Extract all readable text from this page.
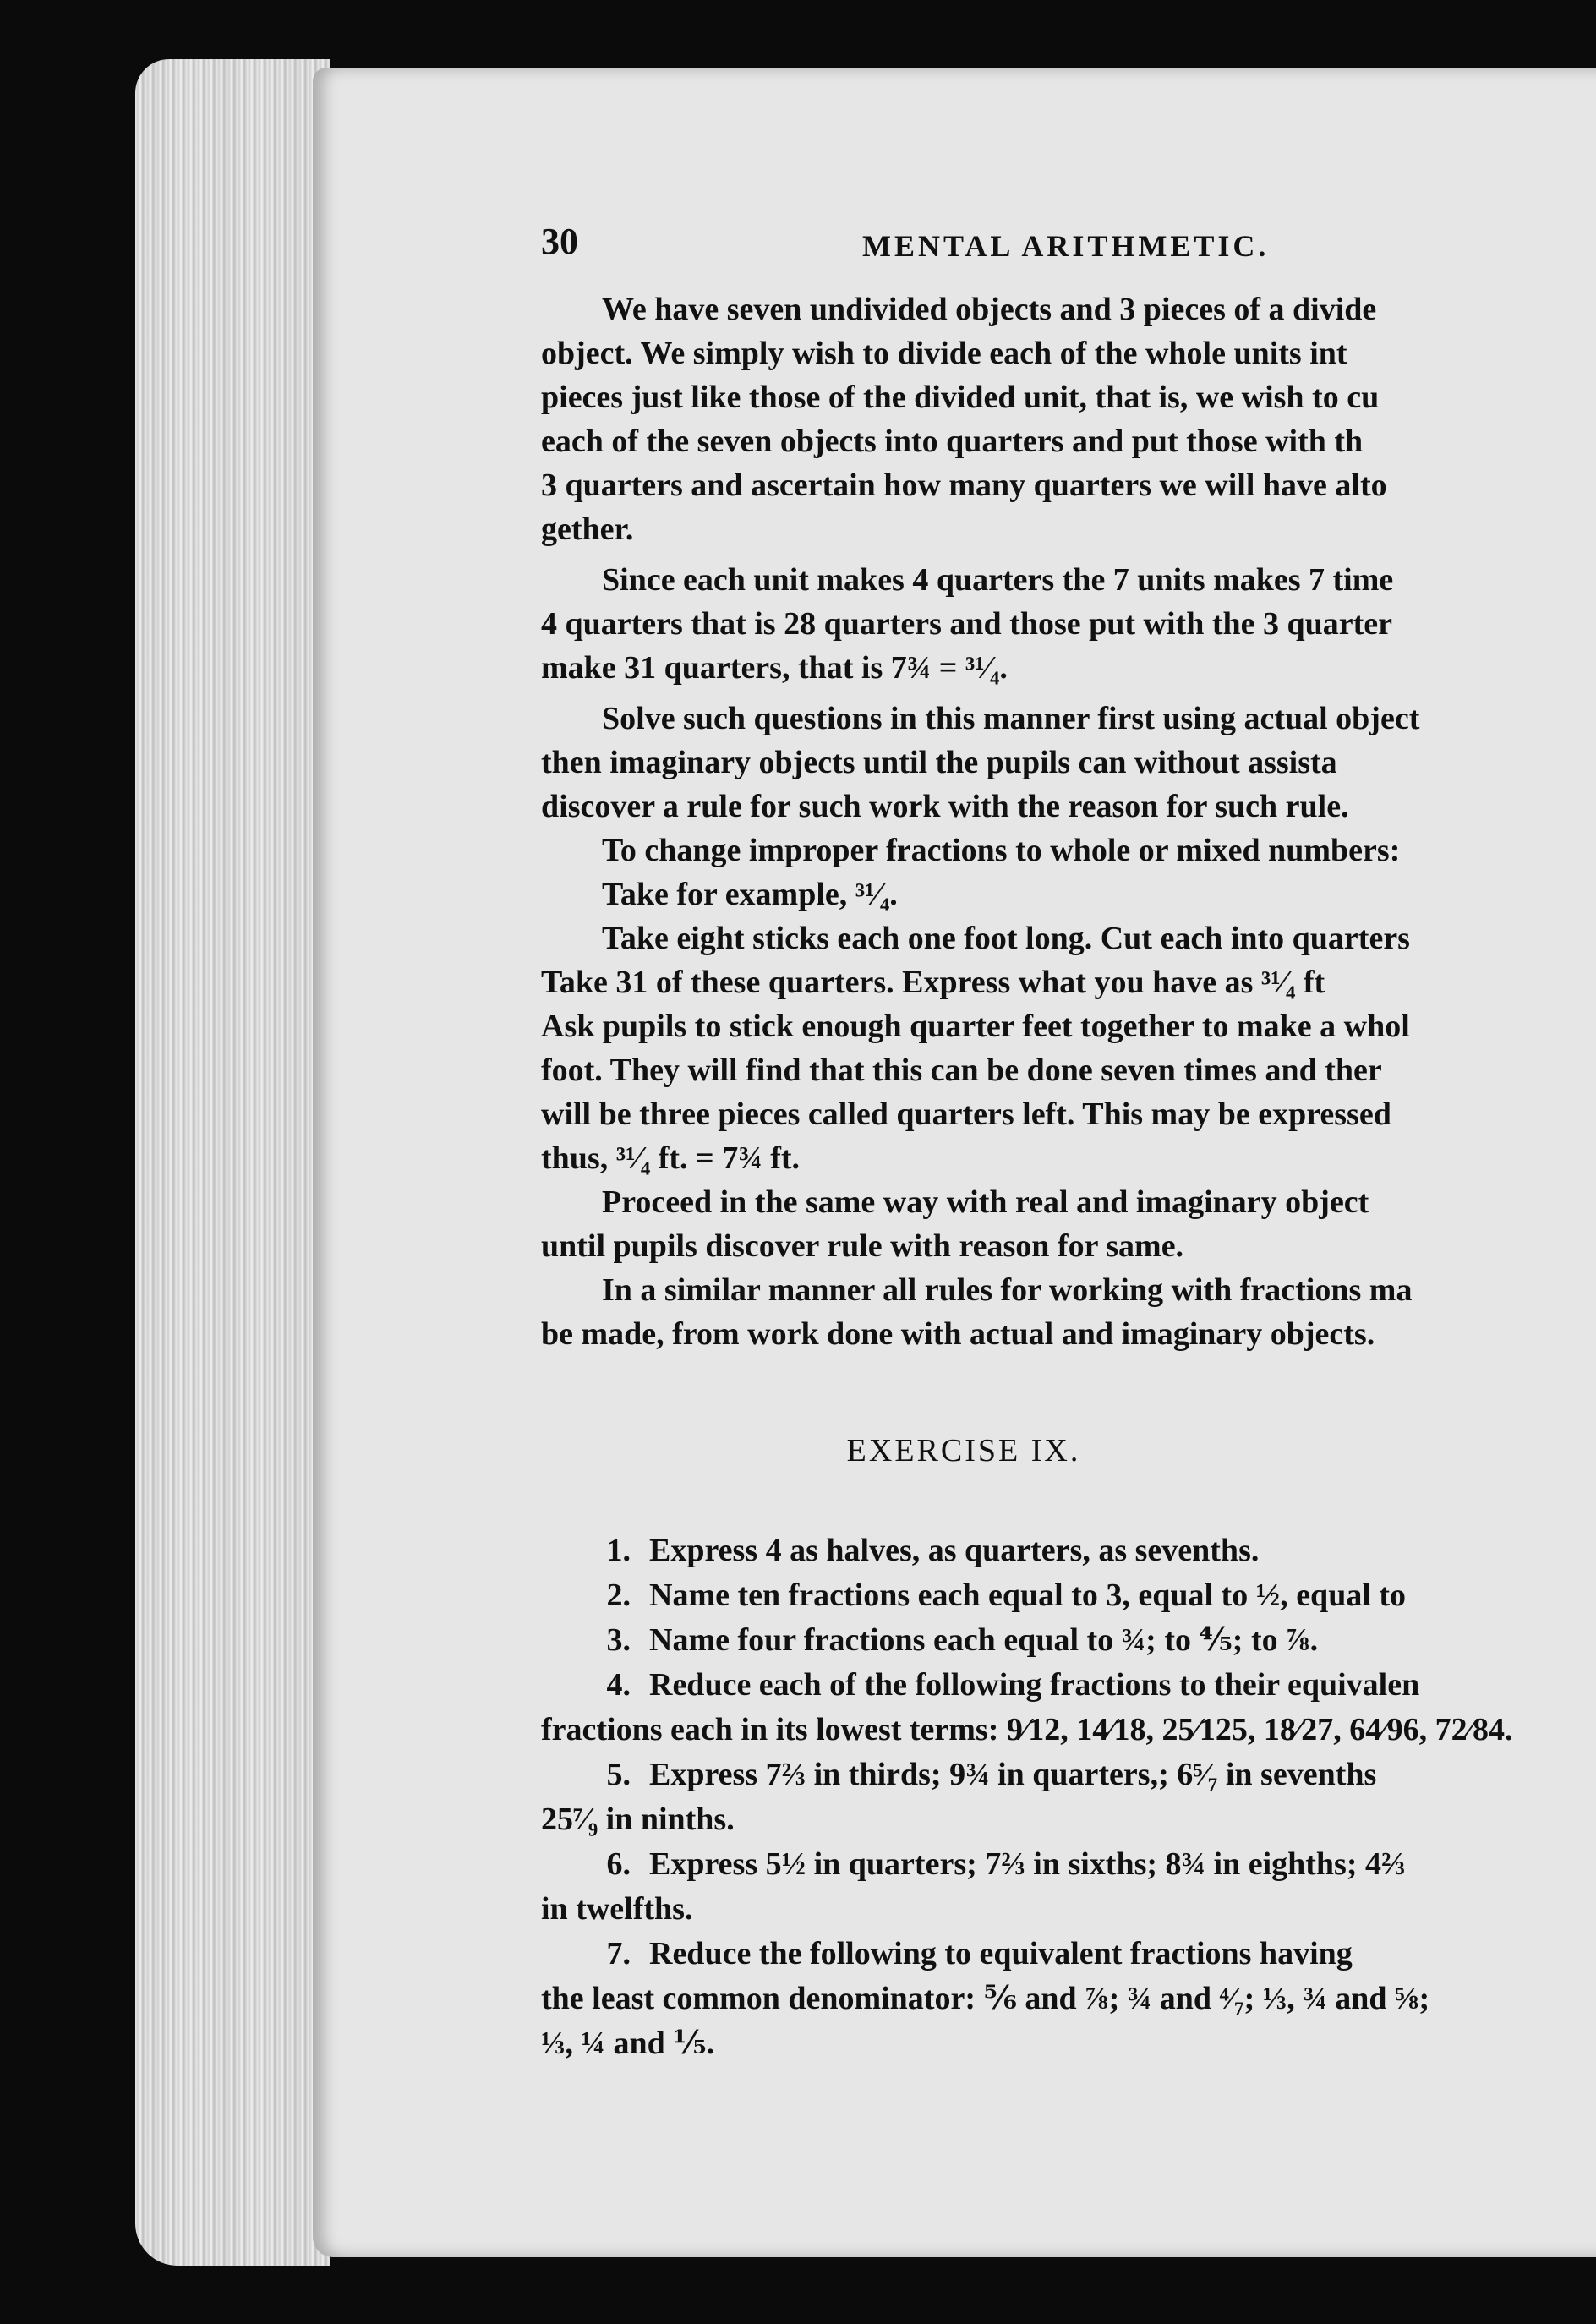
30	MENTAL ARITHMETIC.

We have seven undivided objects and 3 pieces of a divide

object. We simply wish to divide each of the whole units int

pieces just like those of the divided unit, that is, we wish to cu

each of the seven objects into quarters and put those with th

3 quarters and ascertain how many quarters we will have alto

gether.

Since each unit makes 4 quarters the 7 units makes 7 time

4 quarters that is 28 quarters and those put with the 3 quarter

make 31 quarters, that is 7¾ = ³¹⁄₄.

Solve such questions in this manner first using actual object

then imaginary objects until the pupils can without assista

discover a rule for such work with the reason for such rule.

To change improper fractions to whole or mixed numbers:

Take for example, ³¹⁄₄.

Take eight sticks each one foot long. Cut each into quarters

Take 31 of these quarters. Express what you have as ³¹⁄₄ ft

Ask pupils to stick enough quarter feet together to make a whol

foot. They will find that this can be done seven times and ther

will be three pieces called quarters left. This may be expressed

thus, ³¹⁄₄ ft. = 7¾ ft.

Proceed in the same way with real and imaginary object

until pupils discover rule with reason for same.

In a similar manner all rules for working with fractions ma

be made, from work done with actual and imaginary objects.

EXERCISE IX.

1. Express 4 as halves, as quarters, as sevenths.

2. Name ten fractions each equal to 3, equal to ½, equal to

3. Name four fractions each equal to ¾; to ⅘; to ⅞.

4. Reduce each of the following fractions to their equivalen

fractions each in its lowest terms: 9⁄12, 14⁄18, 25⁄125, 18⁄27, 64⁄96, 72⁄84.

5. Express 7⅔ in thirds; 9¾ in quarters,; 6⁵⁄₇ in sevenths

25⁷⁄₉ in ninths.

6. Express 5½ in quarters; 7⅔ in sixths; 8¾ in eighths; 4⅔

in twelfths.

7. Reduce the following to equivalent fractions having

the least common denominator: ⅚ and ⅞; ¾ and ⁴⁄₇; ⅓, ¾ and ⅝;

⅓, ¼ and ⅕.
